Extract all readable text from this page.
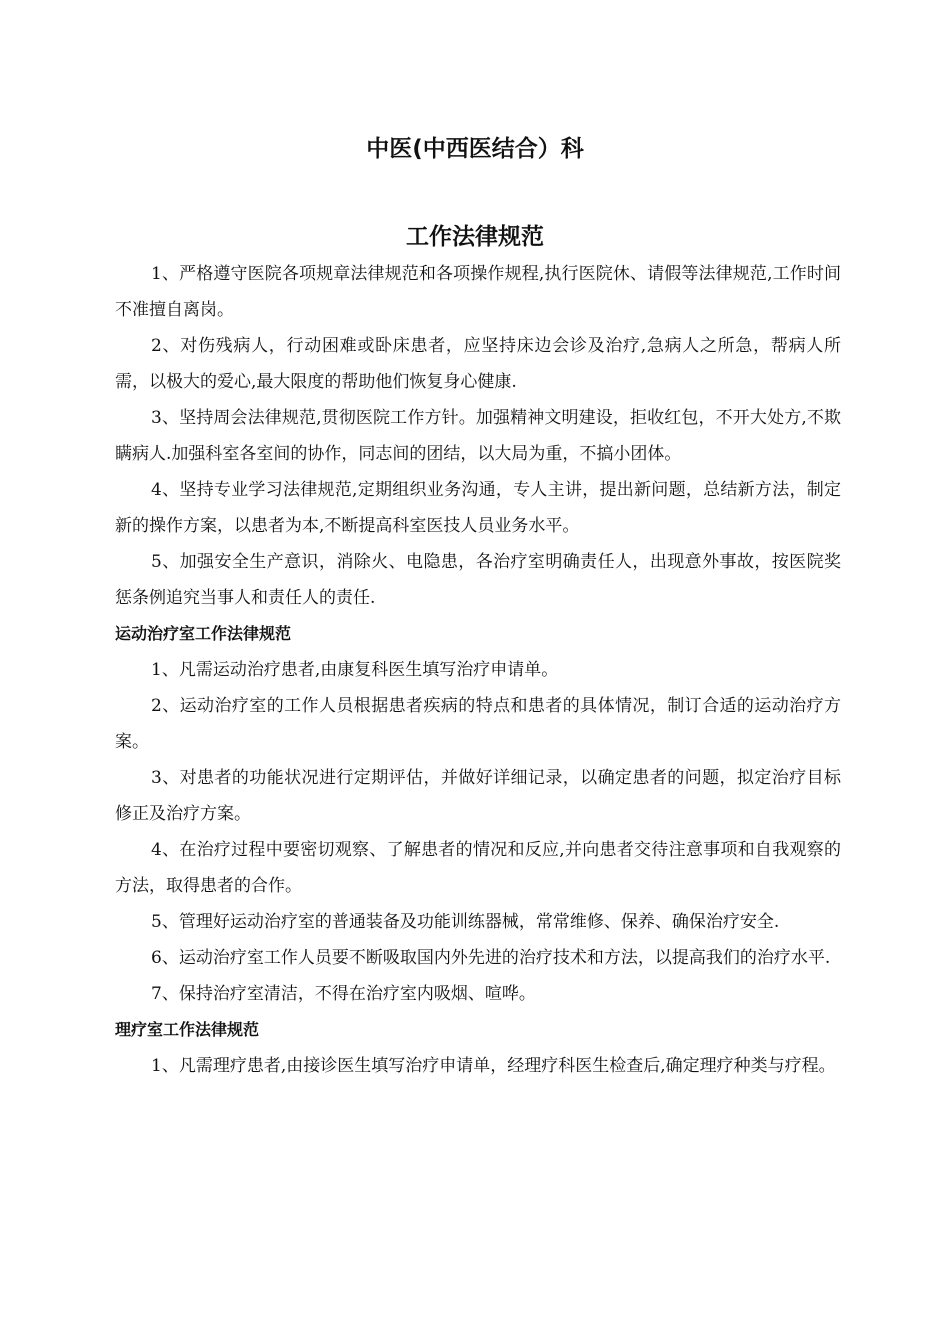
中医(中西医结合）科
工作法律规范

1、严格遵守医院各项规章法律规范和各项操作规程,执行医院休、请假等法律规范,工作时间不准擅自离岗。

2、对伤残病人，行动困难或卧床患者，应坚持床边会诊及治疗,急病人之所急，帮病人所需，以极大的爱心,最大限度的帮助他们恢复身心健康.

3、坚持周会法律规范,贯彻医院工作方针。加强精神文明建设，拒收红包，不开大处方,不欺瞒病人.加强科室各室间的协作，同志间的团结，以大局为重，不搞小团体。

4、坚持专业学习法律规范,定期组织业务沟通，专人主讲，提出新问题，总结新方法，制定新的操作方案，以患者为本,不断提高科室医技人员业务水平。

5、加强安全生产意识，消除火、电隐患，各治疗室明确责任人，出现意外事故，按医院奖惩条例追究当事人和责任人的责任.

运动治疗室工作法律规范

1、凡需运动治疗患者,由康复科医生填写治疗申请单。

2、运动治疗室的工作人员根据患者疾病的特点和患者的具体情况，制订合适的运动治疗方案。

3、对患者的功能状况进行定期评估，并做好详细记录，以确定患者的问题，拟定治疗目标修正及治疗方案。

4、在治疗过程中要密切观察、了解患者的情况和反应,并向患者交待注意事项和自我观察的方法，取得患者的合作。

5、管理好运动治疗室的普通装备及功能训练器械，常常维修、保养、确保治疗安全.

6、运动治疗室工作人员要不断吸取国内外先进的治疗技术和方法，以提高我们的治疗水平.

7、保持治疗室清洁，不得在治疗室内吸烟、喧哗。

理疗室工作法律规范

1、凡需理疗患者,由接诊医生填写治疗申请单，经理疗科医生检查后,确定理疗种类与疗程。
